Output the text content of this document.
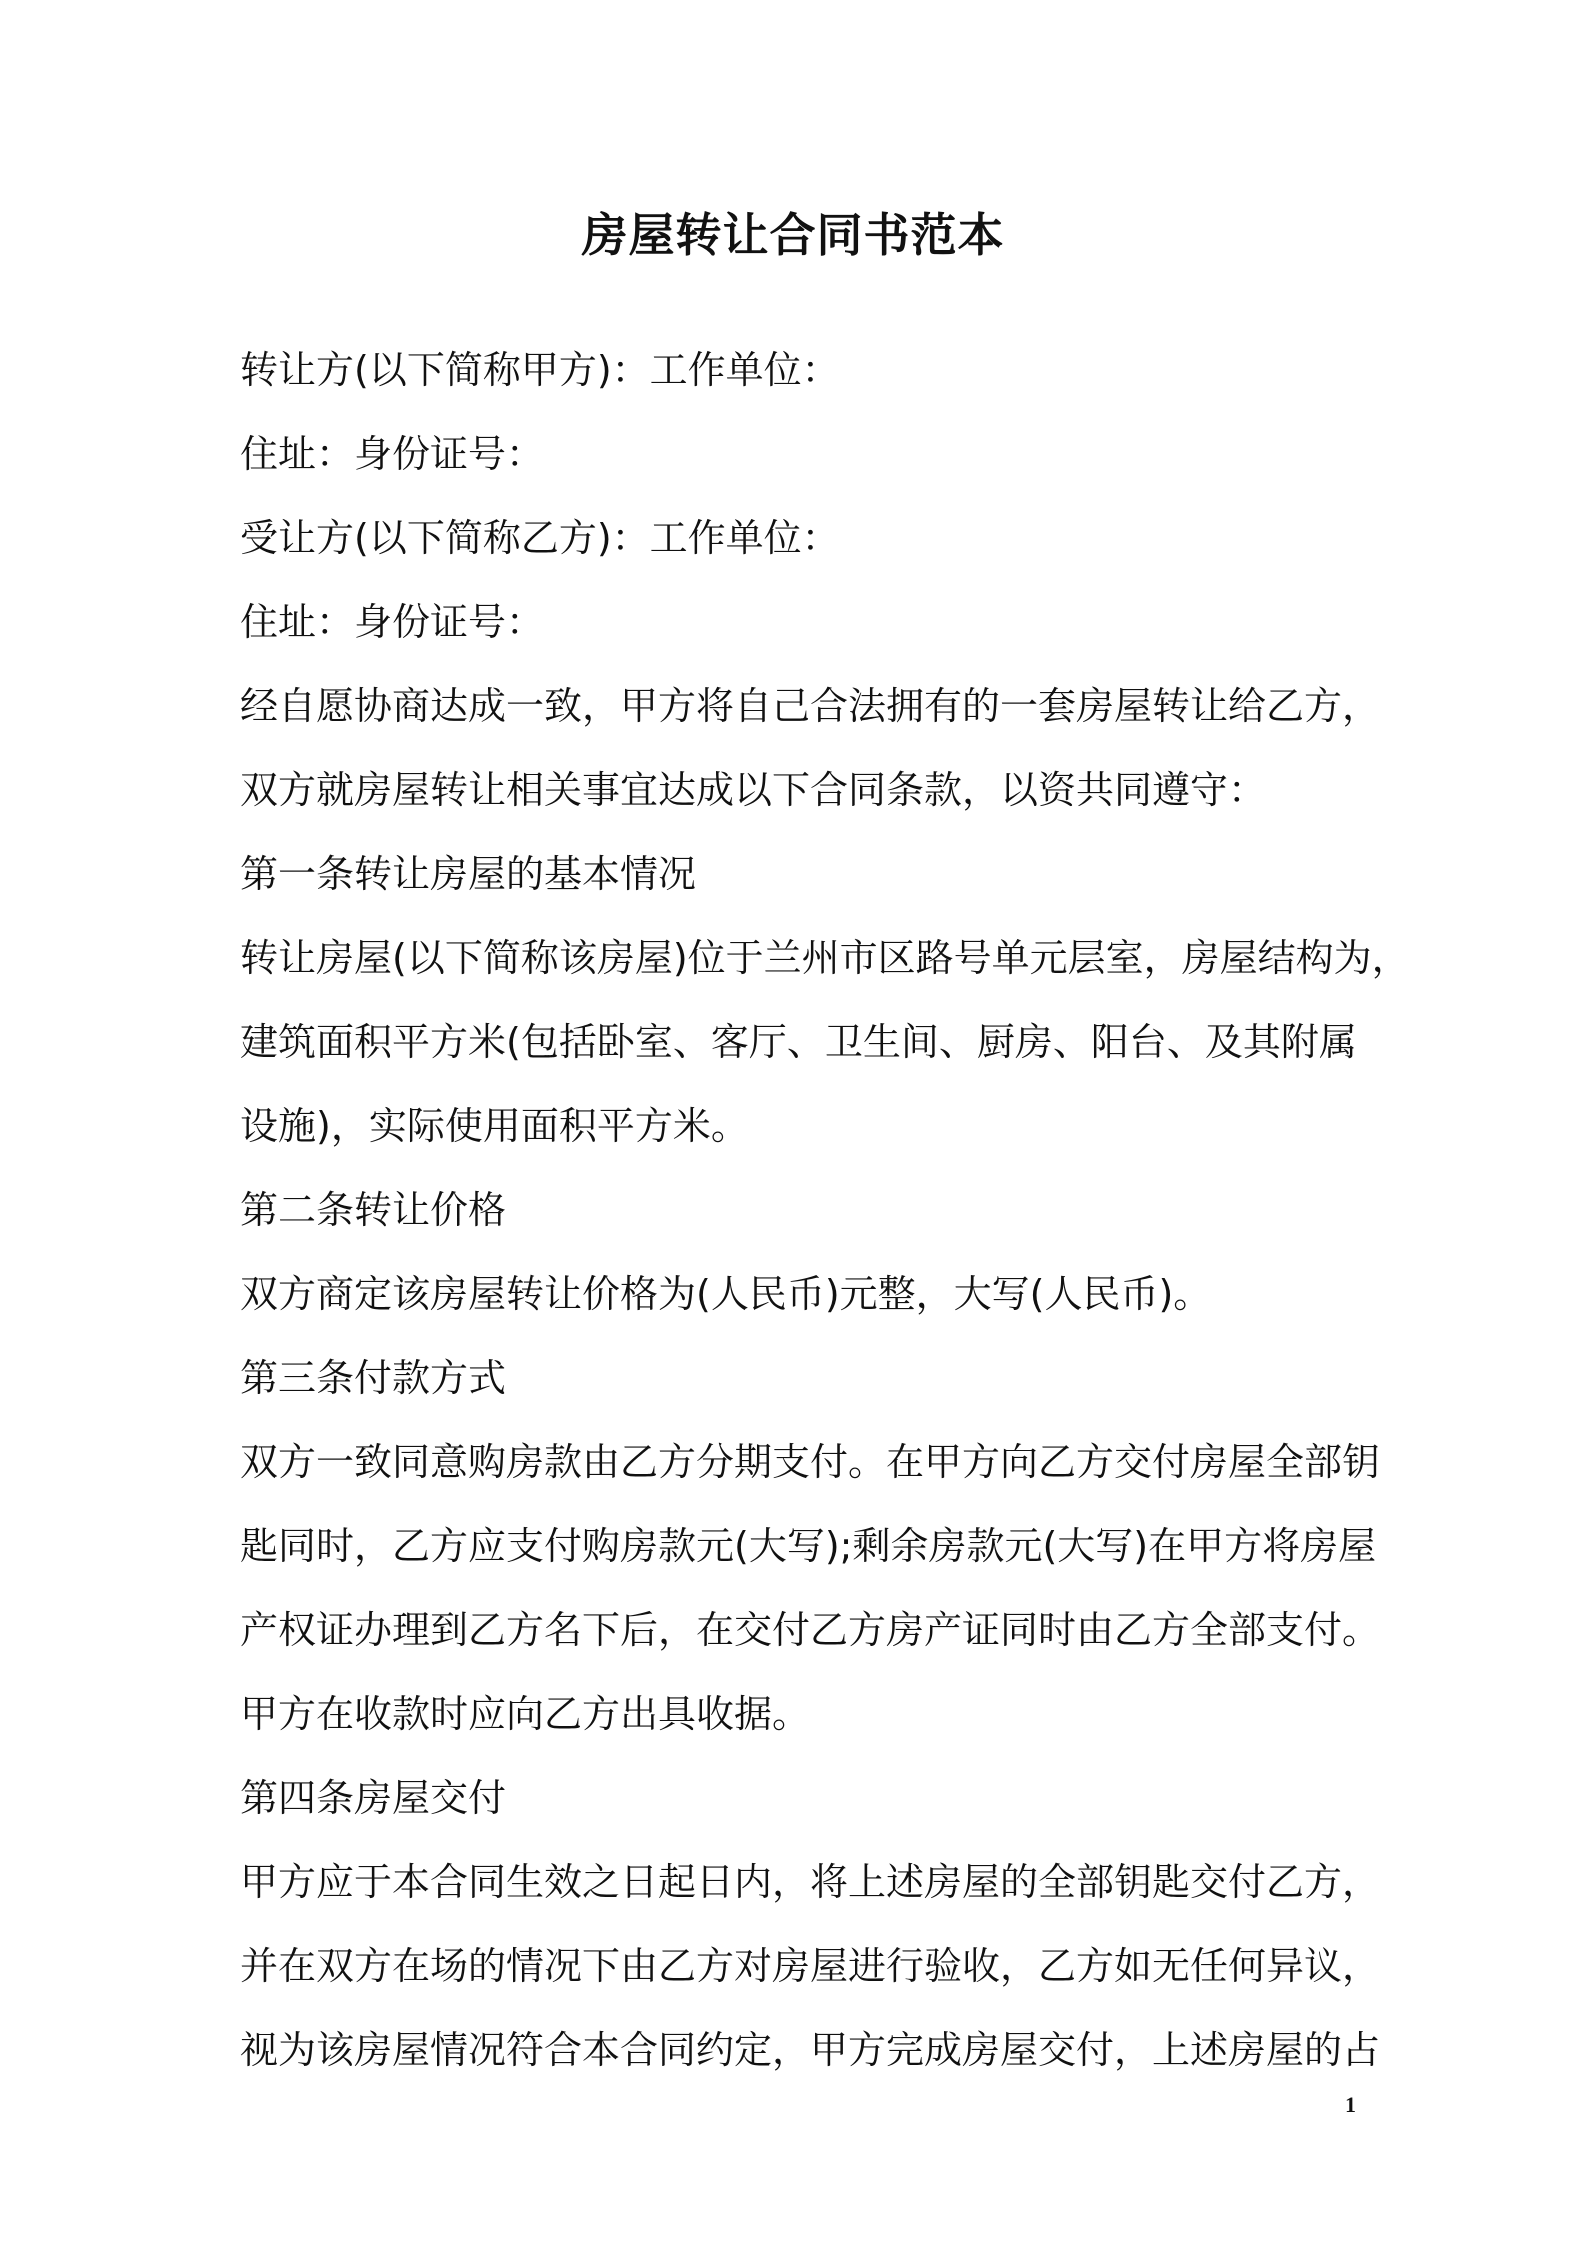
房屋转让合同书范本
转让方(以下简称甲方)：工作单位：
住址：身份证号：
受让方(以下简称乙方)：工作单位：
住址：身份证号：
经自愿协商达成一致，甲方将自己合法拥有的一套房屋转让给乙方，
双方就房屋转让相关事宜达成以下合同条款，以资共同遵守：
第一条转让房屋的基本情况
转让房屋(以下简称该房屋)位于兰州市区路号单元层室，房屋结构为，
建筑面积平方米(包括卧室、客厅、卫生间、厨房、阳台、及其附属
设施)，实际使用面积平方米。
第二条转让价格
双方商定该房屋转让价格为(人民币)元整，大写(人民币)。
第三条付款方式
双方一致同意购房款由乙方分期支付。在甲方向乙方交付房屋全部钥
匙同时，乙方应支付购房款元(大写);剩余房款元(大写)在甲方将房屋
产权证办理到乙方名下后，在交付乙方房产证同时由乙方全部支付。
甲方在收款时应向乙方出具收据。
第四条房屋交付
甲方应于本合同生效之日起日内，将上述房屋的全部钥匙交付乙方，
并在双方在场的情况下由乙方对房屋进行验收，乙方如无任何异议，
视为该房屋情况符合本合同约定，甲方完成房屋交付，上述房屋的占
1
